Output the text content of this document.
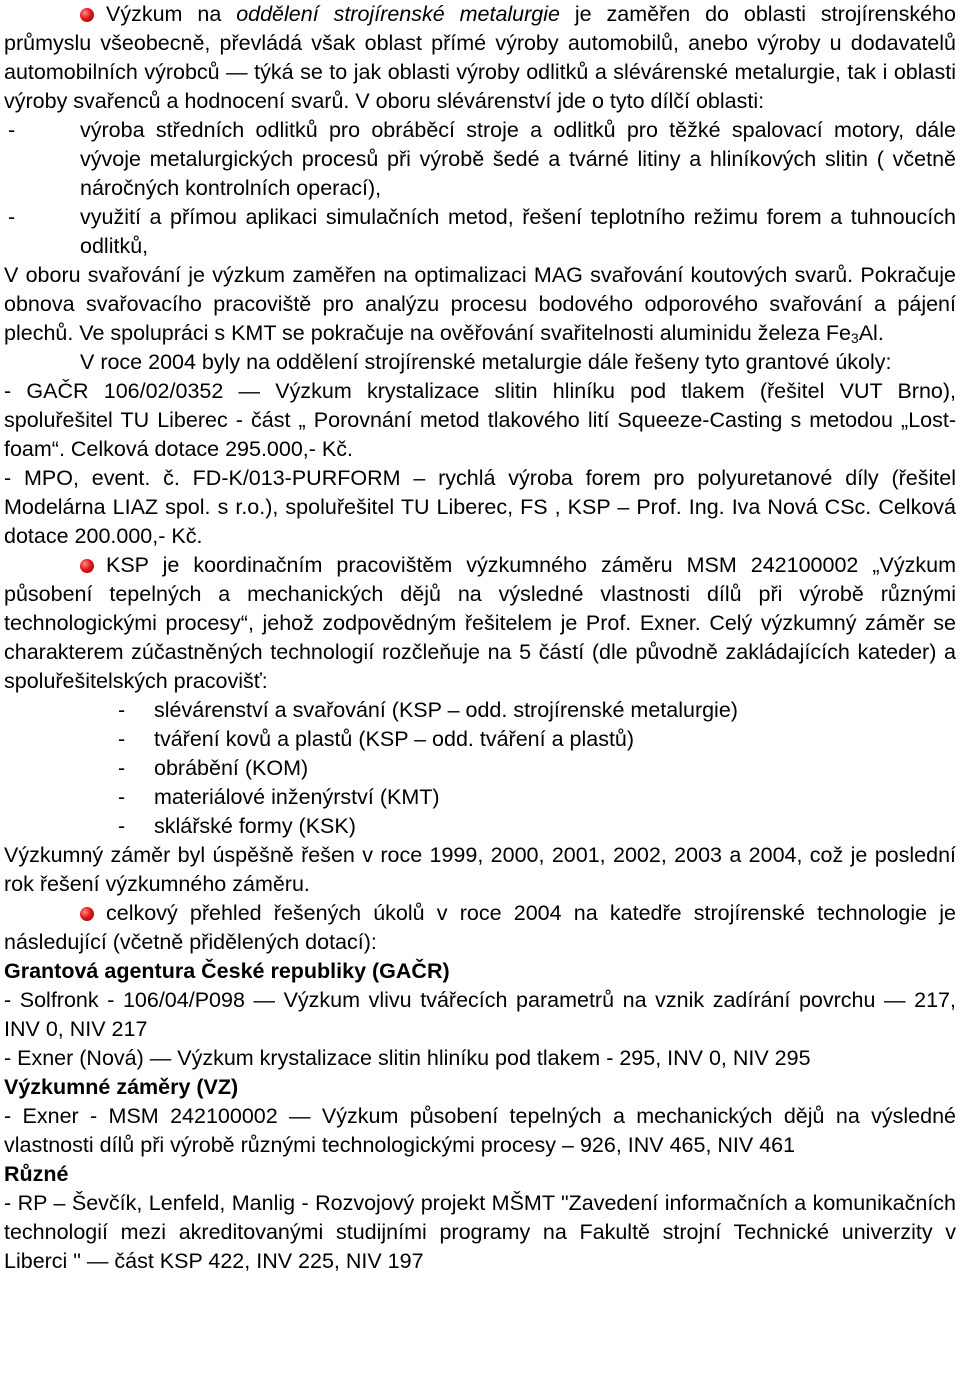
Výzkum na oddělení strojírenské metalurgie je zaměřen do oblasti strojírenského průmyslu všeobecně, převládá však oblast přímé výroby automobilů, anebo výroby u dodavatelů automobilních výrobců — týká se to jak oblasti výroby odlitků a slévárenské metalurgie, tak i oblasti výroby svařenců a hodnocení svarů. V oboru slévárenství jde o tyto dílčí oblasti:
-	výroba středních odlitků pro obráběcí stroje a odlitků pro těžké spalovací motory, dále vývoje metalurgických procesů při výrobě šedé a tvárné litiny a hliníkových slitin ( včetně náročných kontrolních operací),
-	využití a přímou aplikaci simulačních metod, řešení teplotního režimu forem a tuhnoucích odlitků,
V oboru svařování je výzkum zaměřen na optimalizaci MAG svařování koutových svarů. Pokračuje obnova svařovacího pracoviště pro analýzu procesu bodového odporového svařování a pájení plechů. Ve spolupráci s KMT se pokračuje na ověřování svařitelnosti aluminidu železa $Fe_3Al$.
V roce 2004 byly na oddělení strojírenské metalurgie dále řešeny tyto grantové úkoly:
- GAČR 106/02/0352 — Výzkum krystalizace slitin hliníku pod tlakem (řešitel VUT Brno), spoluřešitel TU Liberec - část „ Porovnání metod tlakového lití Squeeze-Casting s metodou „Lost-foam“. Celková dotace 295.000,- Kč.
- MPO, event. č. FD-K/013-PURFORM – rychlá výroba forem pro polyuretanové díly (řešitel Modelárna LIAZ spol. s r.o.), spoluřešitel TU Liberec, FS , KSP – Prof. Ing. Iva Nová CSc. Celková dotace 200.000,- Kč.
KSP je koordinačním pracovištěm výzkumného záměru MSM 242100002 „Výzkum působení tepelných a mechanických dějů na výsledné vlastnosti dílů při výrobě různými technologickými procesy“, jehož zodpovědným řešitelem je Prof. Exner. Celý výzkumný záměr se charakterem zúčastněných technologií rozčleňuje na 5 částí (dle původně zakládajících kateder) a spoluřešitelských pracovišť:
- slévárenství a svařování (KSP – odd. strojírenské metalurgie)
- tváření kovů a plastů (KSP – odd. tváření a plastů)
- obrábění (KOM)
- materiálové inženýrství (KMT)
- sklářské formy (KSK)
Výzkumný záměr byl úspěšně řešen v roce 1999, 2000, 2001, 2002, 2003 a 2004, což je poslední rok řešení výzkumného záměru.
celkový přehled řešených úkolů v roce 2004 na katedře strojírenské technologie je následující (včetně přidělených dotací):
Grantová agentura České republiky (GAČR)
- Solfronk - 106/04/P098 — Výzkum vlivu tvářecích parametrů na vznik zadírání povrchu — 217, INV 0, NIV 217
- Exner (Nová) — Výzkum krystalizace slitin hliníku pod tlakem - 295, INV 0, NIV 295
Výzkumné záměry (VZ)
- Exner - MSM 242100002 — Výzkum působení tepelných a mechanických dějů na výsledné vlastnosti dílů při výrobě různými technologickými procesy – 926, INV 465, NIV 461
Různé
- RP – Ševčík, Lenfeld, Manlig - Rozvojový projekt MŠMT "Zavedení informačních a komunikačních technologií mezi akreditovanými studijními programy na Fakultě strojní Technické univerzity v Liberci " — část KSP 422, INV 225, NIV 197
